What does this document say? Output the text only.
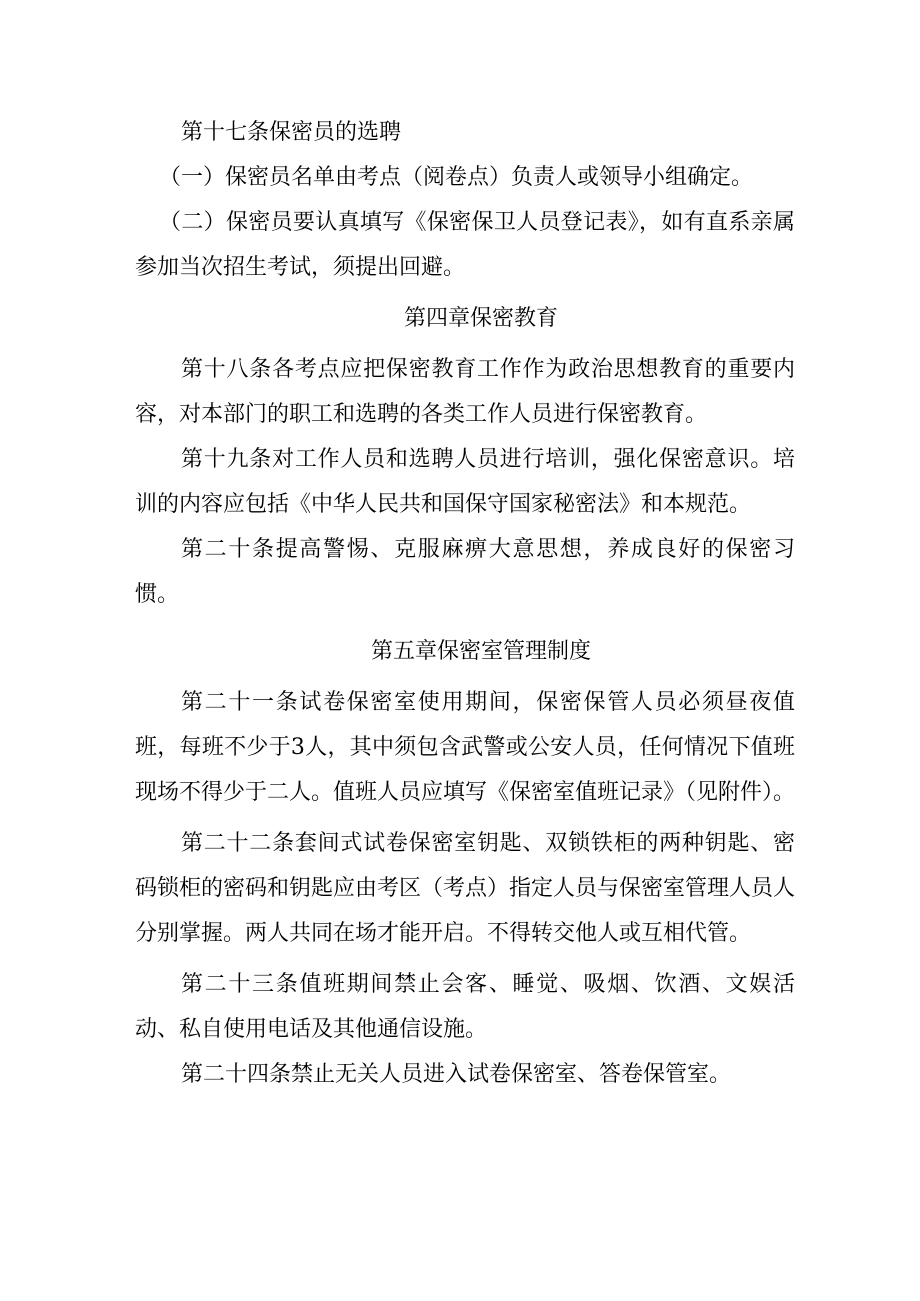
第十七条保密员的选聘

（一）保密员名单由考点（阅卷点）负责人或领导小组确定。

（二）保密员要认真填写《保密保卫人员登记表》，如有直系亲属参加当次招生考试，须提出回避。

第四章保密教育

第十八条各考点应把保密教育工作作为政治思想教育的重要内容，对本部门的职工和选聘的各类工作人员进行保密教育。

第十九条对工作人员和选聘人员进行培训，强化保密意识。培训的内容应包括《中华人民共和国保守国家秘密法》和本规范。

第二十条提高警惕、克服麻痹大意思想，养成良好的保密习惯。

第五章保密室管理制度

第二十一条试卷保密室使用期间，保密保管人员必须昼夜值班，每班不少于3人，其中须包含武警或公安人员，任何情况下值班现场不得少于二人。值班人员应填写《保密室值班记录》（见附件）。

第二十二条套间式试卷保密室钥匙、双锁铁柜的两种钥匙、密码锁柜的密码和钥匙应由考区（考点）指定人员与保密室管理人员人分别掌握。两人共同在场才能开启。不得转交他人或互相代管。

第二十三条值班期间禁止会客、睡觉、吸烟、饮酒、文娱活动、私自使用电话及其他通信设施。

第二十四条禁止无关人员进入试卷保密室、答卷保管室。
